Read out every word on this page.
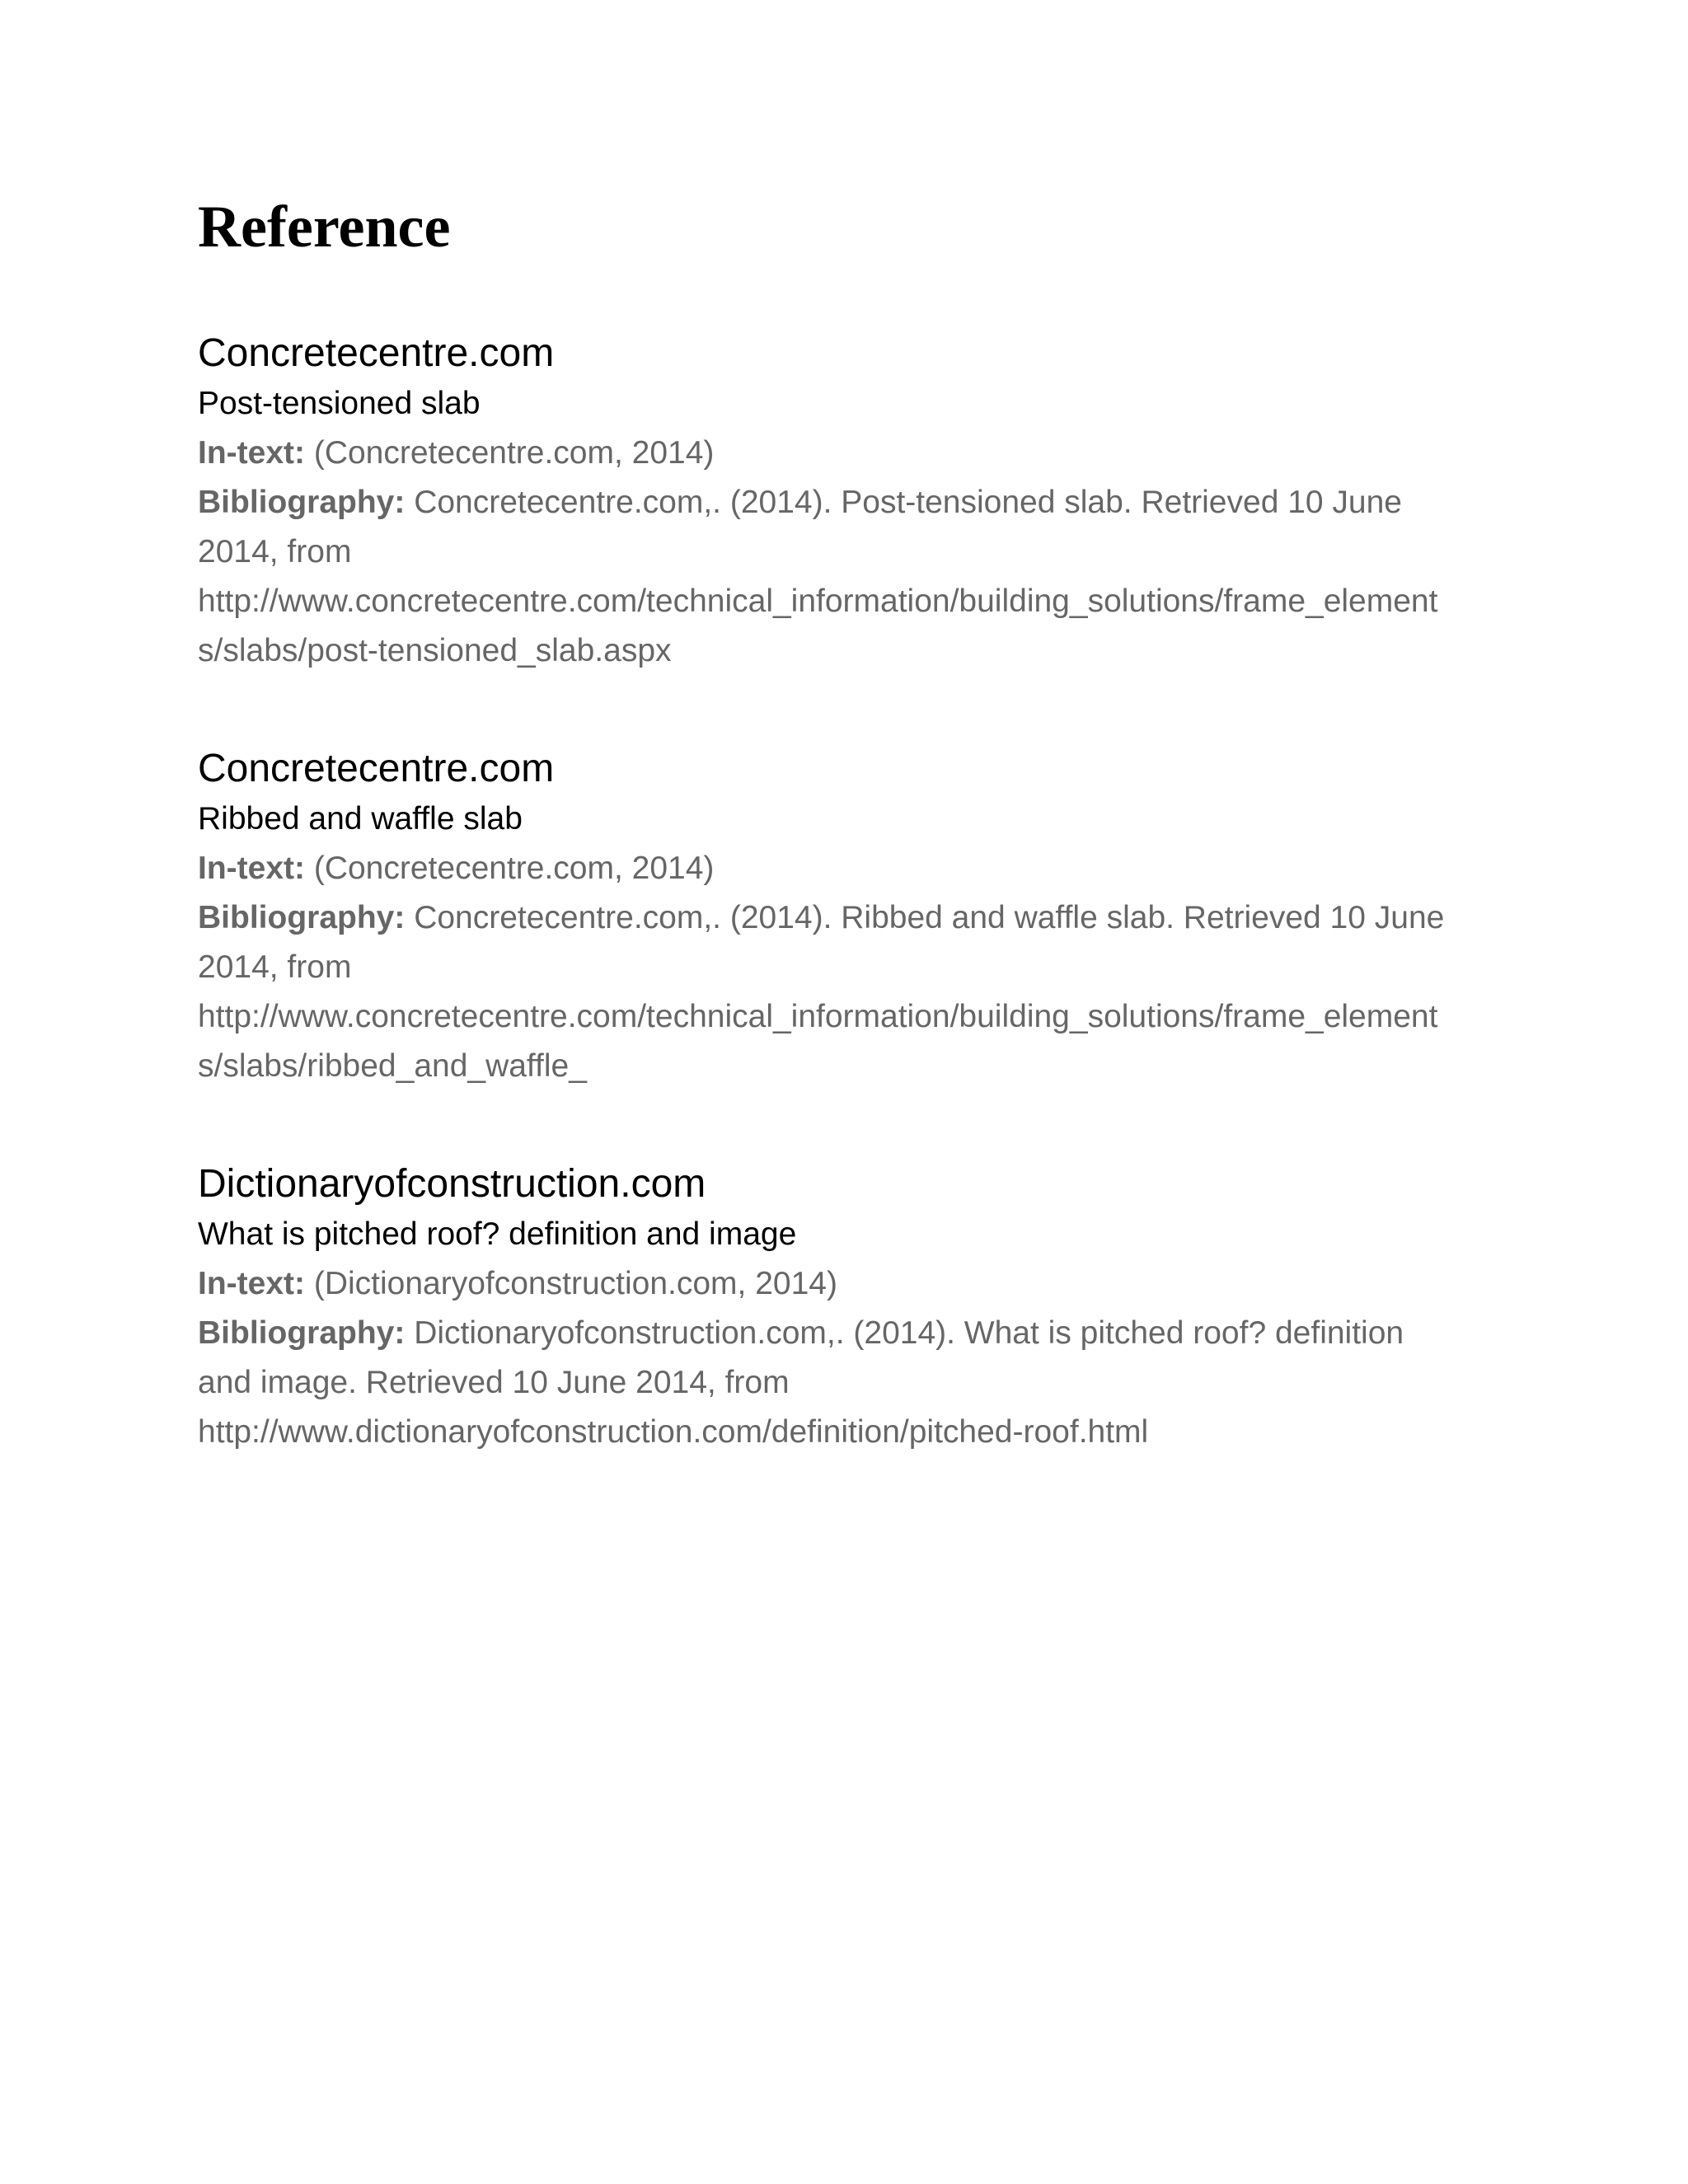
Reference
Concretecentre.com
Post-tensioned slab
In-text: (Concretecentre.com, 2014)
Bibliography: Concretecentre.com,. (2014). Post-tensioned slab. Retrieved 10 June
2014, from
http://www.concretecentre.com/technical_information/building_solutions/frame_element
s/slabs/post-tensioned_slab.aspx
Concretecentre.com
Ribbed and waffle slab
In-text: (Concretecentre.com, 2014)
Bibliography: Concretecentre.com,. (2014). Ribbed and waffle slab. Retrieved 10 June
2014, from
http://www.concretecentre.com/technical_information/building_solutions/frame_element
s/slabs/ribbed_and_waffle_
Dictionaryofconstruction.com
What is pitched roof? definition and image
In-text: (Dictionaryofconstruction.com, 2014)
Bibliography: Dictionaryofconstruction.com,. (2014). What is pitched roof? definition
and image. Retrieved 10 June 2014, from
http://www.dictionaryofconstruction.com/definition/pitched-roof.html
